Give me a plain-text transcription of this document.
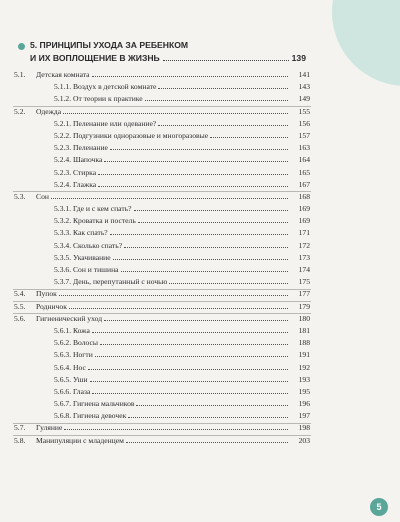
5. ПРИНЦИПЫ УХОДА ЗА РЕБЕНКОМ
И ИХ ВОПЛОЩЕНИЕ В ЖИЗНЬ	139
5.1. Детская комната	141
5.1.1. Воздух в детской комнате	143
5.1.2. От теории к практике	149
5.2. Одежда	155
5.2.1. Пеленание или одевание?	156
5.2.2. Подгузники одноразовые и многоразовые	157
5.2.3. Пеленание	163
5.2.4. Шапочка	164
5.2.3. Стирка	165
5.2.4. Глажка	167
5.3. Сон	168
5.3.1. Где и с кем спать?	169
5.3.2. Кроватка и постель	169
5.3.3. Как спать?	171
5.3.4. Сколько спать?	172
5.3.5. Укачивание	173
5.3.6. Сон и тишина	174
5.3.7. День, перепутанный с ночью	175
5.4. Пупок	177
5.5. Родничок	179
5.6. Гигиенический уход	180
5.6.1. Кожа	181
5.6.2. Волосы	188
5.6.3. Ногти	191
5.6.4. Нос	192
5.6.5. Уши	193
5.6.6. Глаза	195
5.6.7. Гигиена мальчиков	196
5.6.8. Гигиена девочек	197
5.7. Гуляние	198
5.8. Манипуляции с младенцем	203
5
